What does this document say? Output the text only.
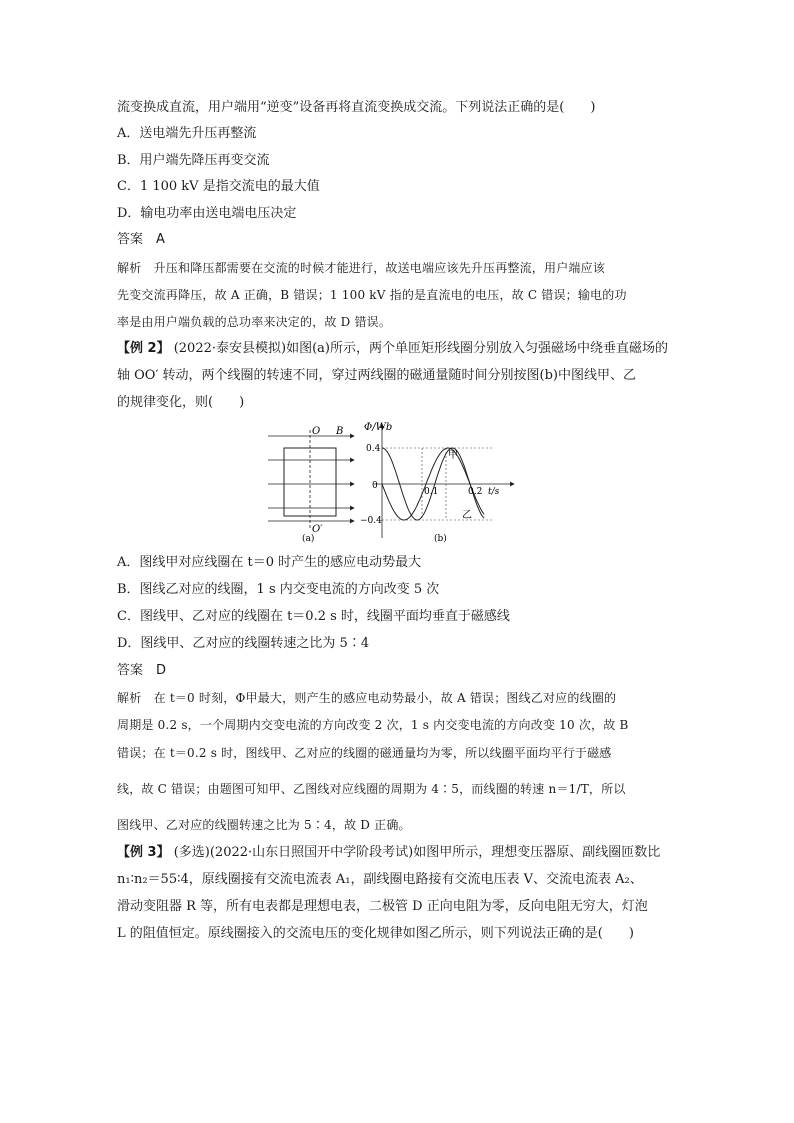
流变换成直流，用户端用“逆变”设备再将直流变换成交流。下列说法正确的是(　　)
A．送电端先升压再整流
B．用户端先降压再变交流
C．1 100 kV 是指交流电的最大值
D．输电功率由送电端电压决定
答案　A
解析　升压和降压都需要在交流的时候才能进行，故送电端应该先升压再整流，用户端应该
先变交流再降压，故 A 正确，B 错误；1 100 kV 指的是直流电的电压，故 C 错误；输电的功
率是由用户端负载的总功率来决定的，故 D 错误。
【例 2】 (2022·泰安县模拟)如图(a)所示，两个单匝矩形线圈分别放入匀强磁场中绕垂直磁场的
轴 OO′ 转动，两个线圈的转速不同，穿过两线圈的磁通量随时间分别按图(b)中图线甲、乙
的规律变化，则(　　)
O B
O′
(a)
Φ/Wb
t/s
0.4
0
−0.4
0.1	0.2
甲
乙
(b)
A．图线甲对应线圈在 t＝0 时产生的感应电动势最大
B．图线乙对应的线圈，1 s 内交变电流的方向改变 5 次
C．图线甲、乙对应的线圈在 t＝0.2 s 时，线圈平面均垂直于磁感线
D．图线甲、乙对应的线圈转速之比为 5∶4
答案　D
解析　在 t＝0 时刻，Φ甲最大，则产生的感应电动势最小，故 A 错误；图线乙对应的线圈的
周期是 0.2 s，一个周期内交变电流的方向改变 2 次，1 s 内交变电流的方向改变 10 次，故 B
错误；在 t＝0.2 s 时，图线甲、乙对应的线圈的磁通量均为零，所以线圈平面均平行于磁感
线，故 C 错误；由题图可知甲、乙图线对应线圈的周期为 4∶5，而线圈的转速 n＝1/T，所以
图线甲、乙对应的线圈转速之比为 5∶4，故 D 正确。
【例 3】 (多选)(2022·山东日照国开中学阶段考试)如图甲所示，理想变压器原、副线圈匝数比
n₁∶n₂＝55∶4，原线圈接有交流电流表 A₁，副线圈电路接有交流电压表 V、交流电流表 A₂、
滑动变阻器 R 等，所有电表都是理想电表，二极管 D 正向电阻为零，反向电阻无穷大，灯泡
L 的阻值恒定。原线圈接入的交流电压的变化规律如图乙所示，则下列说法正确的是(　　)
